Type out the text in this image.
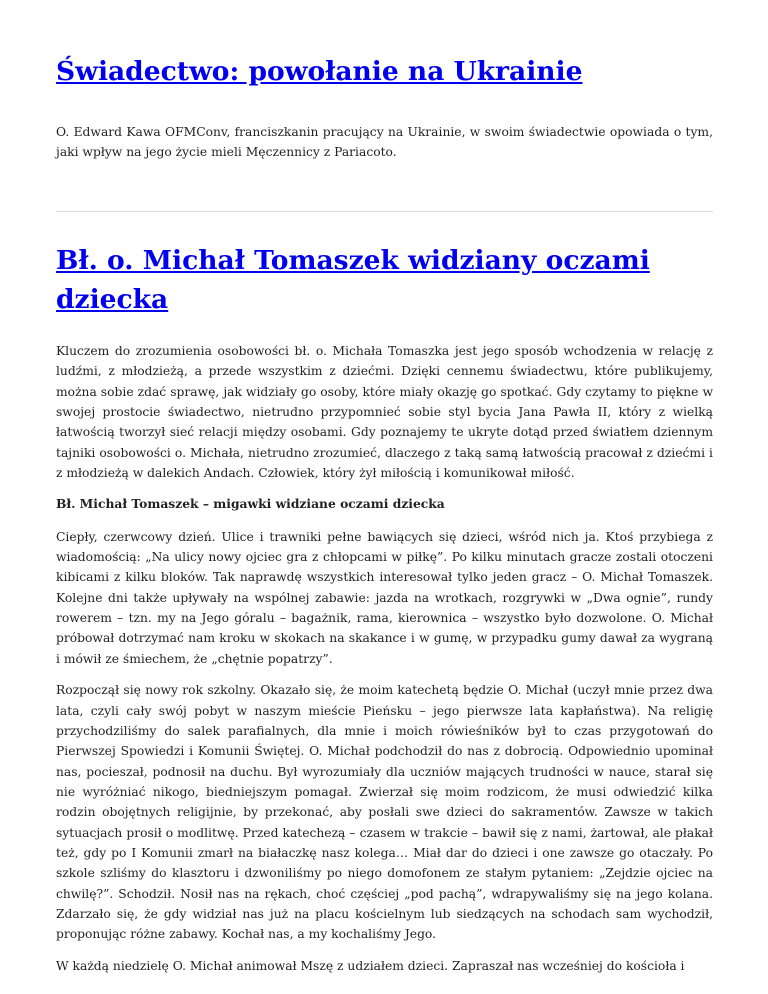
Świadectwo: powołanie na Ukrainie

O. Edward Kawa OFMConv, franciszkanin pracujący na Ukrainie, w swoim świadectwie opowiada o tym, jaki wpływ na jego życie mieli Męczennicy z Pariacoto.

Bł. o. Michał Tomaszek widziany oczami dziecka

Kluczem do zrozumienia osobowości bł. o. Michała Tomaszka jest jego sposób wchodzenia w relację z ludźmi, z młodzieżą, a przede wszystkim z dziećmi. Dzięki cennemu świadectwu, które publikujemy, można sobie zdać sprawę, jak widziały go osoby, które miały okazję go spotkać. Gdy czytamy to piękne w swojej prostocie świadectwo, nietrudno przypomnieć sobie styl bycia Jana Pawła II, który z wielką łatwością tworzył sieć relacji między osobami. Gdy poznajemy te ukryte dotąd przed światłem dziennym tajniki osobowości o. Michała, nietrudno zrozumieć, dlaczego z taką samą łatwością pracował z dziećmi i z młodzieżą w dalekich Andach. Człowiek, który żył miłością i komunikował miłość.

Bł. Michał Tomaszek – migawki widziane oczami dziecka

Ciepły, czerwcowy dzień. Ulice i trawniki pełne bawiących się dzieci, wśród nich ja. Ktoś przybiega z wiadomością: „Na ulicy nowy ojciec gra z chłopcami w piłkę”. Po kilku minutach gracze zostali otoczeni kibicami z kilku bloków. Tak naprawdę wszystkich interesował tylko jeden gracz – O. Michał Tomaszek. Kolejne dni także upływały na wspólnej zabawie: jazda na wrotkach, rozgrywki w „Dwa ognie”, rundy rowerem – tzn. my na Jego góralu – bagażnik, rama, kierownica – wszystko było dozwolone. O. Michał próbował dotrzymać nam kroku w skokach na skakance i w gumę, w przypadku gumy dawał za wygraną i mówił ze śmiechem, że „chętnie popatrzy”.

Rozpoczął się nowy rok szkolny. Okazało się, że moim katechetą będzie O. Michał (uczył mnie przez dwa lata, czyli cały swój pobyt w naszym mieście Pieńsku – jego pierwsze lata kapłaństwa). Na religię przychodziliśmy do salek parafialnych, dla mnie i moich rówieśników był to czas przygotowań do Pierwszej Spowiedzi i Komunii Świętej. O. Michał podchodził do nas z dobrocią. Odpowiednio upominał nas, pocieszał, podnosił na duchu. Był wyrozumiały dla uczniów mających trudności w nauce, starał się nie wyróżniać nikogo, biedniejszym pomagał. Zwierzał się moim rodzicom, że musi odwiedzić kilka rodzin obojętnych religijnie, by przekonać, aby posłali swe dzieci do sakramentów. Zawsze w takich sytuacjach prosił o modlitwę. Przed katechezą – czasem w trakcie – bawił się z nami, żartował, ale płakał też, gdy po I Komunii zmarł na białaczkę nasz kolega… Miał dar do dzieci i one zawsze go otaczały. Po szkole szliśmy do klasztoru i dzwoniliśmy po niego domofonem ze stałym pytaniem: „Zejdzie ojciec na chwilę?”. Schodził. Nosił nas na rękach, choć częściej „pod pachą”, wdrapywaliśmy się na jego kolana. Zdarzało się, że gdy widział nas już na placu kościelnym lub siedzących na schodach sam wychodził, proponując różne zabawy. Kochał nas, a my kochaliśmy Jego.

W każdą niedzielę O. Michał animował Mszę z udziałem dzieci. Zapraszał nas wcześniej do kościoła i
